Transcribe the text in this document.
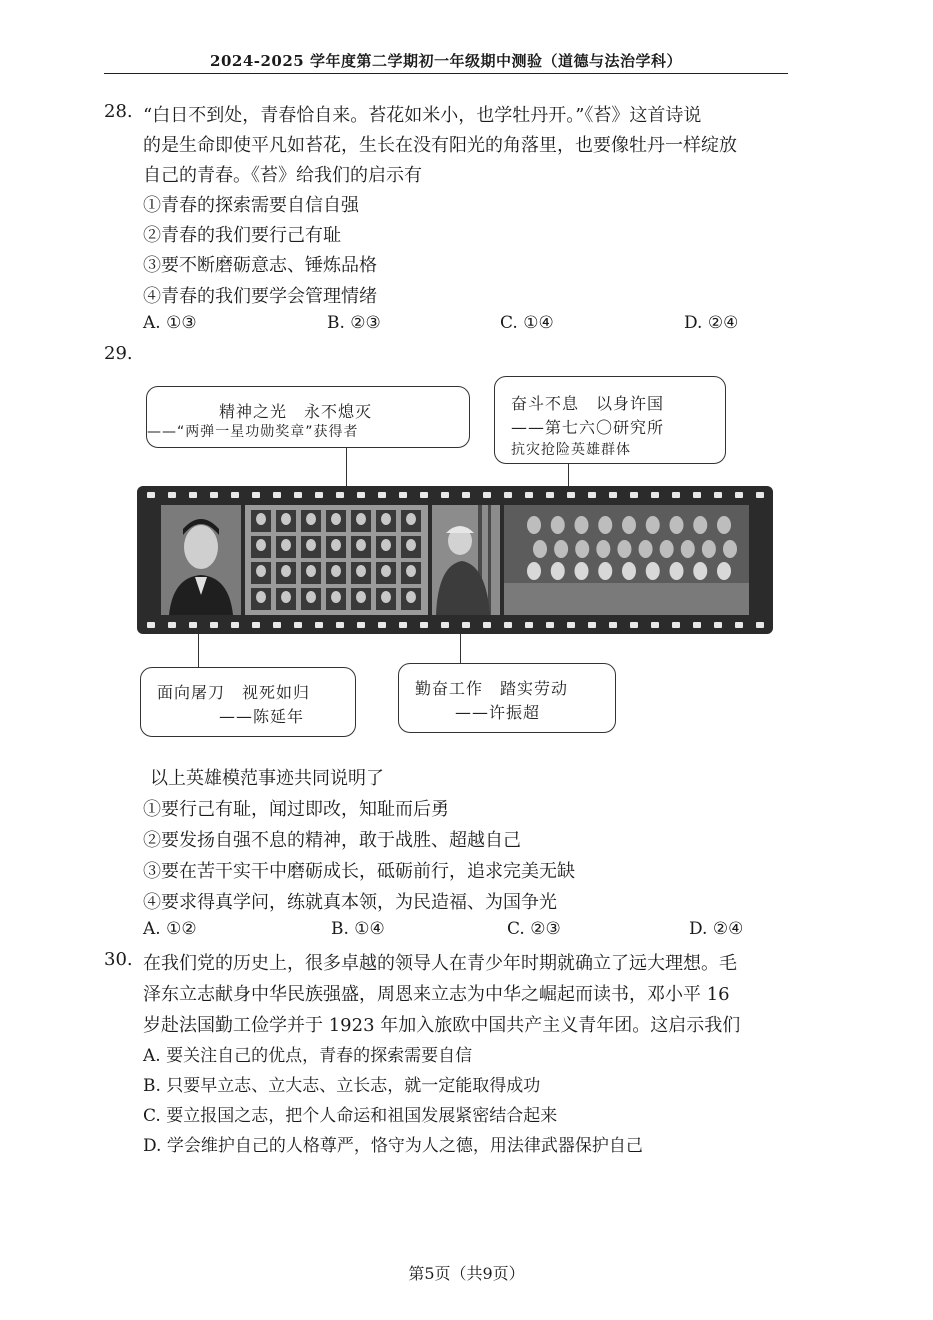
2024-2025 学年度第二学期初一年级期中测验（道德与法治学科）
28. “白日不到处，青春恰自来。苔花如米小，也学牡丹开。”《苔》这首诗说
的是生命即使平凡如苔花，生长在没有阳光的角落里，也要像牡丹一样绽放
自己的青春。《苔》给我们的启示有
①青春的探索需要自信自强
②青春的我们要行己有耻
③要不断磨砺意志、锤炼品格
④青春的我们要学会管理情绪
A. ①③	B. ②③	C. ①④	D. ②④
29.
精神之光　永不熄灭
——“两弹一星功勋奖章”获得者
奋斗不息　以身许国
——第七六〇研究所
抗灾抢险英雄群体
面向屠刀　视死如归
——陈延年
勤奋工作　踏实劳动
——许振超
以上英雄模范事迹共同说明了
①要行己有耻，闻过即改，知耻而后勇
②要发扬自强不息的精神，敢于战胜、超越自己
③要在苦干实干中磨砺成长，砥砺前行，追求完美无缺
④要求得真学问，练就真本领，为民造福、为国争光
A. ①②	B. ①④	C. ②③	D. ②④
30. 在我们党的历史上，很多卓越的领导人在青少年时期就确立了远大理想。毛
泽东立志献身中华民族强盛，周恩来立志为中华之崛起而读书，邓小平 16
岁赴法国勤工俭学并于 1923 年加入旅欧中国共产主义青年团。这启示我们
A. 要关注自己的优点，青春的探索需要自信
B. 只要早立志、立大志、立长志，就一定能取得成功
C. 要立报国之志，把个人命运和祖国发展紧密结合起来
D. 学会维护自己的人格尊严，恪守为人之德，用法律武器保护自己
第5页（共9页）
